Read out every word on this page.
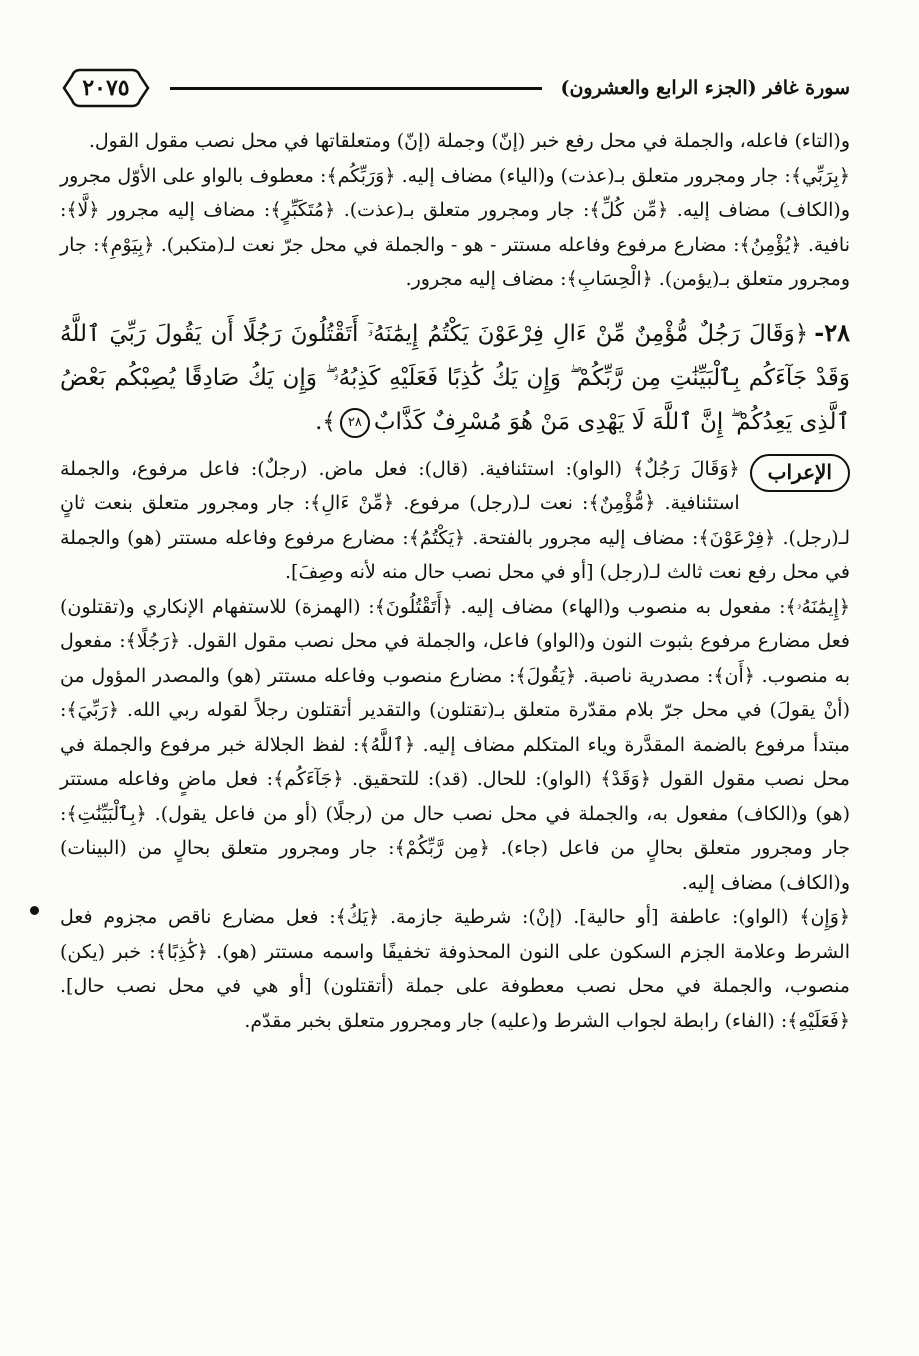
سورة غافر (الجزء الرابع والعشرون)
٢٠٧٥

و(التاء) فاعله، والجملة في محل رفع خبر (إنّ) وجملة (إنّ) ومتعلقاتها في محل نصب مقول القول.

﴿بِرَبِّي﴾: جار ومجرور متعلق بـ(عذت) و(الياء) مضاف إليه. ﴿وَرَبِّكُم﴾: معطوف بالواو على الأوّل مجرور و(الكاف) مضاف إليه. ﴿مِّن كُلِّ﴾: جار ومجرور متعلق بـ(عذت). ﴿مُتَكَبِّرٍ﴾: مضاف إليه مجرور ﴿لَّا﴾: نافية. ﴿يُؤْمِنُ﴾: مضارع مرفوع وفاعله مستتر - هو - والجملة في محل جرّ نعت لـ(متكبر). ﴿بِيَوْمِ﴾: جار ومجرور متعلق بـ(يؤمن). ﴿الْحِسَابِ﴾: مضاف إليه مجرور.

٢٨-﴿وَقَالَ رَجُلٌ مُّؤْمِنٌ مِّنْ ءَالِ فِرْعَوْنَ يَكْتُمُ إِيمَٰنَهُۥٓ أَتَقْتُلُونَ رَجُلًا أَن يَقُولَ رَبِّيَ ٱللَّهُ وَقَدْ جَآءَكُم بِٱلْبَيِّنَٰتِ مِن رَّبِّكُمْ ۖ وَإِن يَكُ كَٰذِبًا فَعَلَيْهِ كَذِبُهُۥ ۖ وَإِن يَكُ صَادِقًا يُصِبْكُم بَعْضُ ٱلَّذِى يَعِدُكُمْ ۖ إِنَّ ٱللَّهَ لَا يَهْدِى مَنْ هُوَ مُسْرِفٌ كَذَّابٌ٢٨﴾.
الإعراب

﴿وَقَالَ رَجُلٌ﴾ (الواو): استئنافية. (قال): فعل ماض. (رجلٌ): فاعل مرفوع، والجملة استئنافية. ﴿مُّؤْمِنٌ﴾: نعت لـ(رجل) مرفوع. ﴿مِّنْ ءَالِ﴾: جار ومجرور متعلق بنعت ثانٍ لـ(رجل). ﴿فِرْعَوْنَ﴾: مضاف إليه مجرور بالفتحة. ﴿يَكْتُمُ﴾: مضارع مرفوع وفاعله مستتر (هو) والجملة في محل رفع نعت ثالث لـ(رجل) [أو في محل نصب حال منه لأنه وصِفَ].

﴿إِيمَٰنَهُۥ﴾: مفعول به منصوب و(الهاء) مضاف إليه. ﴿أَتَقْتُلُونَ﴾: (الهمزة) للاستفهام الإنكاري و(تقتلون) فعل مضارع مرفوع بثبوت النون و(الواو) فاعل، والجملة في محل نصب مقول القول. ﴿رَجُلًا﴾: مفعول به منصوب. ﴿أَن﴾: مصدرية ناصبة. ﴿يَقُولَ﴾: مضارع منصوب وفاعله مستتر (هو) والمصدر المؤول من (أنْ يقولَ) في محل جرّ بلام مقدّرة متعلق بـ(تقتلون) والتقدير أتقتلون رجلاً لقوله ربي الله. ﴿رَبِّيَ﴾: مبتدأ مرفوع بالضمة المقدَّرة وياء المتكلم مضاف إليه. ﴿ٱللَّهُ﴾: لفظ الجلالة خبر مرفوع والجملة في محل نصب مقول القول ﴿وَقَدْ﴾ (الواو): للحال. (قد): للتحقيق. ﴿جَآءَكُم﴾: فعل ماضٍ وفاعله مستتر (هو) و(الكاف) مفعول به، والجملة في محل نصب حال من (رجلًا) (أو من فاعل يقول). ﴿بِٱلْبَيِّنَٰتِ﴾: جار ومجرور متعلق بحالٍ من فاعل (جاء). ﴿مِن رَّبِّكُمْ﴾: جار ومجرور متعلق بحالٍ من (البينات) و(الكاف) مضاف إليه.

﴿وَإِن﴾ (الواو): عاطفة [أو حالية]. (إنْ): شرطية جازمة. ﴿يَكُ﴾: فعل مضارع ناقص مجزوم فعل الشرط وعلامة الجزم السكون على النون المحذوفة تخفيفًا واسمه مستتر (هو). ﴿كَٰذِبًا﴾: خبر (يكن) منصوب، والجملة في محل نصب معطوفة على جملة (أتقتلون) [أو هي في محل نصب حال]. ﴿فَعَلَيْهِ﴾: (الفاء) رابطة لجواب الشرط و(عليه) جار ومجرور متعلق بخبر مقدّم.
